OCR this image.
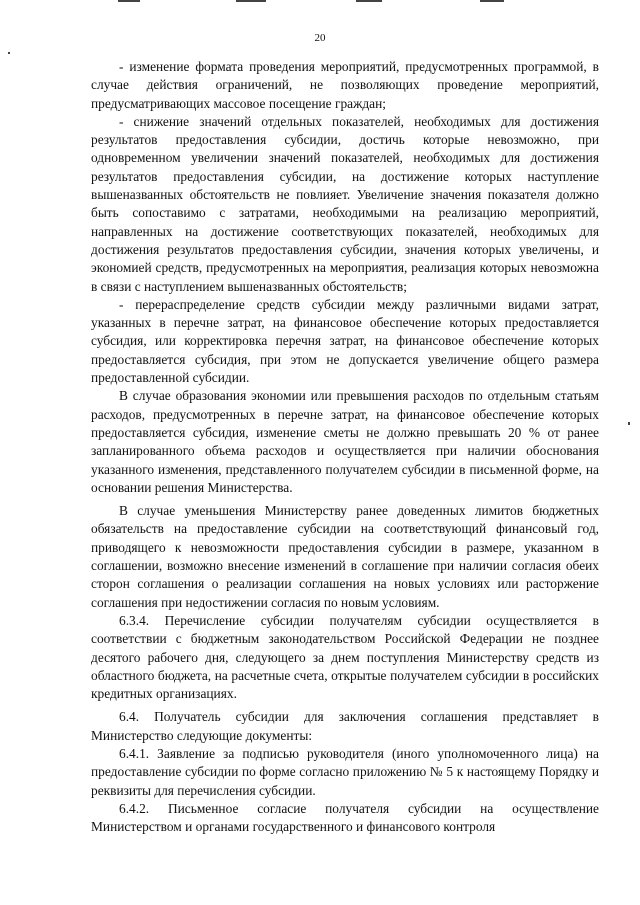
20

- изменение формата проведения мероприятий, предусмотренных программой, в случае действия ограничений, не позволяющих проведение мероприятий, предусматривающих массовое посещение граждан;

- снижение значений отдельных показателей, необходимых для достижения результатов предоставления субсидии, достичь которые невозможно, при одновременном увеличении значений показателей, необходимых для достижения результатов предоставления субсидии, на достижение которых наступление вышеназванных обстоятельств не повлияет. Увеличение значения показателя должно быть сопоставимо с затратами, необходимыми на реализацию мероприятий, направленных на достижение соответствующих показателей, необходимых для достижения результатов предоставления субсидии, значения которых увеличены, и экономией средств, предусмотренных на мероприятия, реализация которых невозможна в связи с наступлением вышеназванных обстоятельств;

- перераспределение средств субсидии между различными видами затрат, указанных в перечне затрат, на финансовое обеспечение которых предоставляется субсидия, или корректировка перечня затрат, на финансовое обеспечение которых предоставляется субсидия, при этом не допускается увеличение общего размера предоставленной субсидии.

В случае образования экономии или превышения расходов по отдельным статьям расходов, предусмотренных в перечне затрат, на финансовое обеспечение которых предоставляется субсидия, изменение сметы не должно превышать 20 % от ранее запланированного объема расходов и осуществляется при наличии обоснования указанного изменения, представленного получателем субсидии в письменной форме, на основании решения Министерства.

В случае уменьшения Министерству ранее доведенных лимитов бюджетных обязательств на предоставление субсидии на соответствующий финансовый год, приводящего к невозможности предоставления субсидии в размере, указанном в соглашении, возможно внесение изменений в соглашение при наличии согласия обеих сторон соглашения о реализации соглашения на новых условиях или расторжение соглашения при недостижении согласия по новым условиям.

6.3.4. Перечисление субсидии получателям субсидии осуществляется в соответствии с бюджетным законодательством Российской Федерации не позднее десятого рабочего дня, следующего за днем поступления Министерству средств из областного бюджета, на расчетные счета, открытые получателем субсидии в российских кредитных организациях.

6.4. Получатель субсидии для заключения соглашения представляет в Министерство следующие документы:

6.4.1. Заявление за подписью руководителя (иного уполномоченного лица) на предоставление субсидии по форме согласно приложению № 5 к настоящему Порядку и реквизиты для перечисления субсидии.

6.4.2. Письменное согласие получателя субсидии на осуществление Министерством и органами государственного и финансового контроля
